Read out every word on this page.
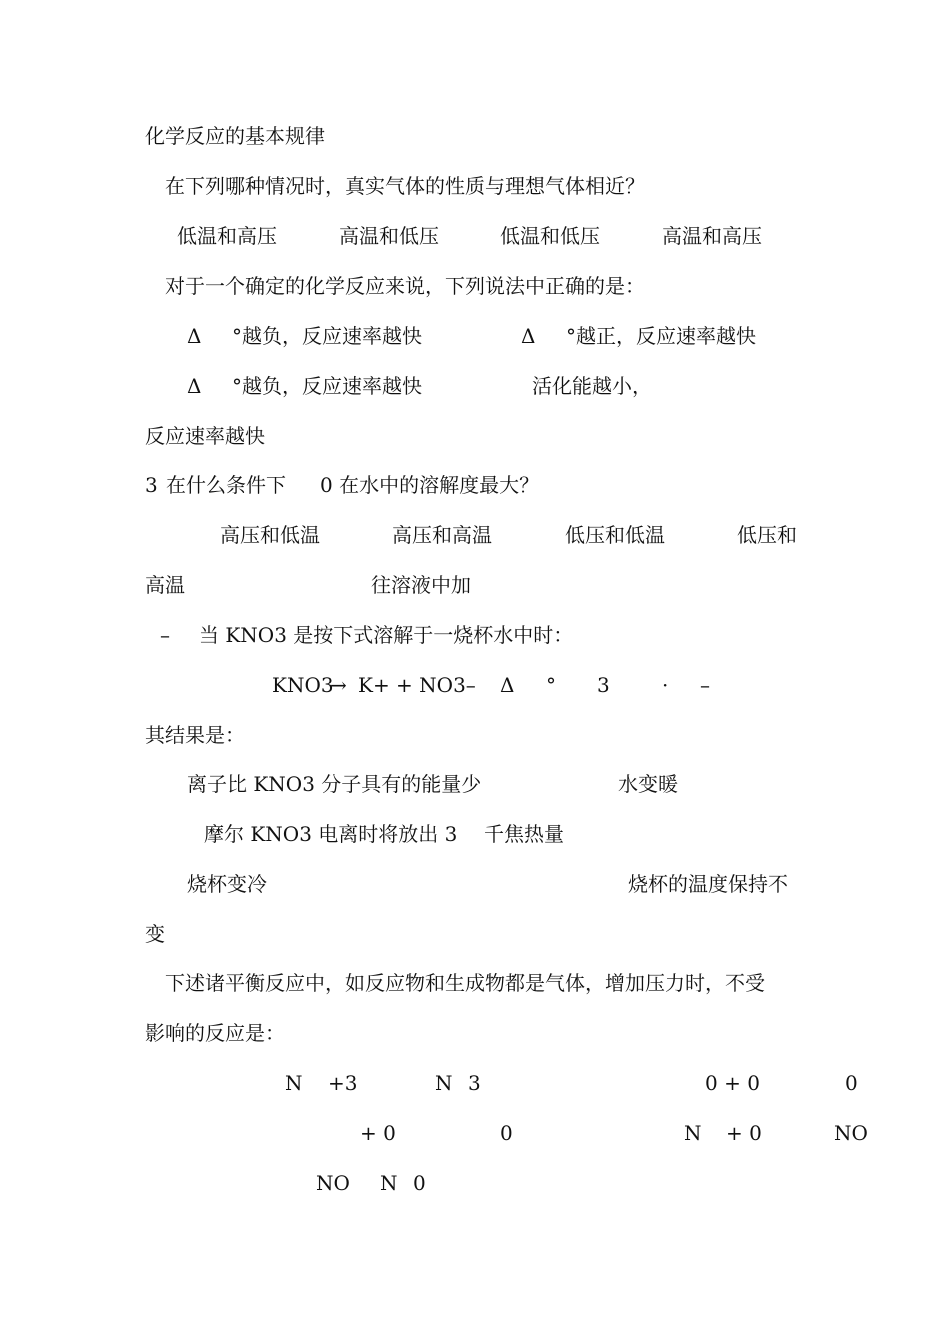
化学反应的基本规律
在下列哪种情况时，真实气体的性质与理想气体相近？
低温和高压	高温和低压	低温和低压	高温和高压
对于一个确定的化学反应来说，下列说法中正确的是：
Δ °越负，反应速率越快	Δ °越正，反应速率越快
Δ °越负，反应速率越快	活化能越小，
反应速率越快
3 在什么条件下 0 在水中的溶解度最大？
高压和低温	高压和高温	低压和低温	低压和
高温	往溶液中加
– 当 KNO3 是按下式溶解于一烧杯水中时：
KNO3
→ K+ + NO3– Δ ° 3	· –
其结果是：
离子比 KNO3 分子具有的能量少	水变暖
摩尔 KNO3 电离时将放出 3 千焦热量
烧杯变冷	烧杯的温度保持不
变
下述诸平衡反应中，如反应物和生成物都是气体，增加压力时，不受
影响的反应是：
N +3	N 3	0 + 0	0
+ 0	0	N + 0	NO
NO N 0
